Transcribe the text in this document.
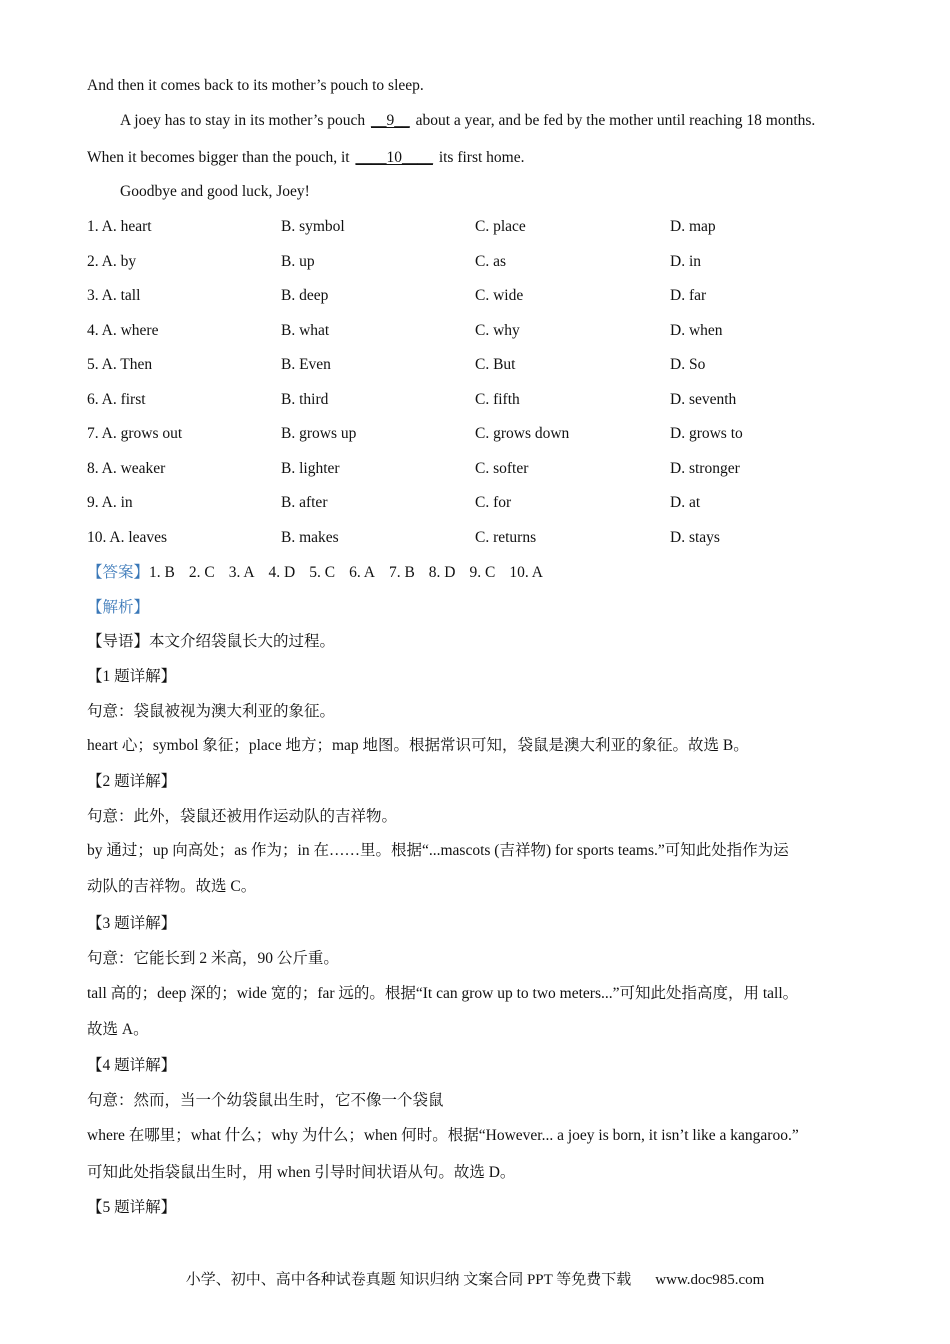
And then it comes back to its mother’s pouch to sleep.
A joey has to stay in its mother’s pouch __9__ about a year, and be fed by the mother until reaching 18 months.
When it becomes bigger than the pouch, it ____10____ its first home.
Goodbye and good luck, Joey!
1. A. heart	B. symbol	C. place	D. map
2. A. by	B. up	C. as	D. in
3. A. tall	B. deep	C. wide	D. far
4. A. where	B. what	C. why	D. when
5. A. Then	B. Even	C. But	D. So
6. A. first	B. third	C. fifth	D. seventh
7. A. grows out	B. grows up	C. grows down	D. grows to
8. A. weaker	B. lighter	C. softer	D. stronger
9. A. in	B. after	C. for	D. at
10. A. leaves	B. makes	C. returns	D. stays
【答案】1. B 2. C 3. A 4. D 5. C 6. A 7. B 8. D 9. C 10. A
【解析】
【导语】本文介绍袋鼠长大的过程。
【1 题详解】
句意：袋鼠被视为澳大利亚的象征。
heart 心；symbol 象征；place 地方；map 地图。根据常识可知，袋鼠是澳大利亚的象征。故选 B。
【2 题详解】
句意：此外，袋鼠还被用作运动队的吉祥物。
by 通过；up 向高处；as 作为；in 在……里。根据“...mascots (吉祥物) for sports teams.”可知此处指作为运
动队的吉祥物。故选 C。
【3 题详解】
句意：它能长到 2 米高，90 公斤重。
tall 高的；deep 深的；wide 宽的；far 远的。根据“It can grow up to two meters...”可知此处指高度，用 tall。
故选 A。
【4 题详解】
句意：然而，当一个幼袋鼠出生时，它不像一个袋鼠
where 在哪里；what 什么；why 为什么；when 何时。根据“However... a joey is born, it isn’t like a kangaroo.”
可知此处指袋鼠出生时，用 when 引导时间状语从句。故选 D。
【5 题详解】
小学、初中、高中各种试卷真题 知识归纳 文案合同 PPT 等免费下载 www.doc985.com
